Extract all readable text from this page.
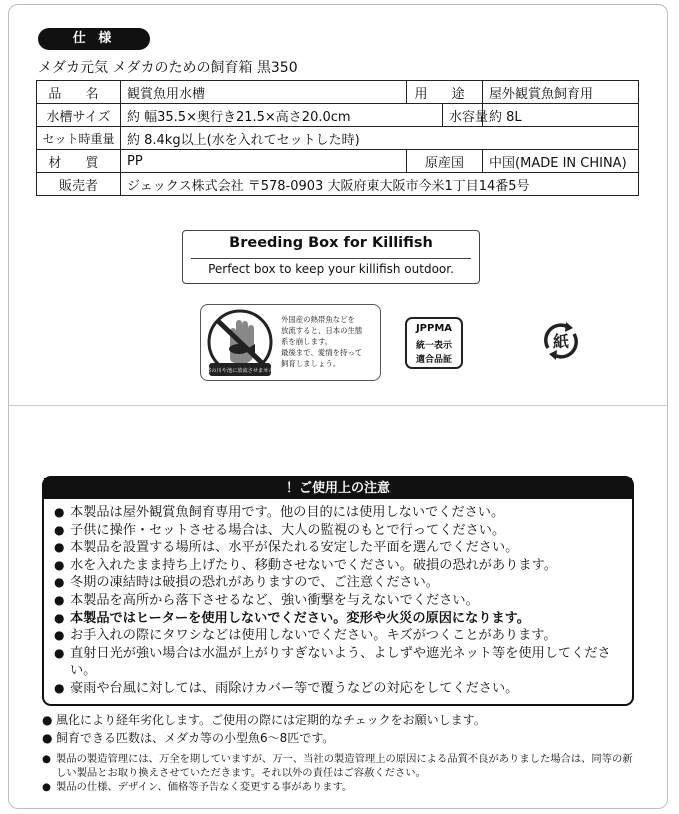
仕 様
メダカ元気 メダカのための飼育箱 黒350
品 名	観賞魚用水槽	用 途		屋外観賞魚飼育用
水槽サイズ	約 幅35.5×奥行き21.5×高さ20.0cm		水容量	約 8L
セット時重量	約 8.4kg以上(水を入れてセットした時)			
材 質	PP	原産国		中国(MADE IN CHINA)
販売者	ジェックス株式会社 〒578-0903 大阪府東大阪市今米1丁目14番5号			
Breeding Box for Killifish
Perfect box to keep your killifish outdoor.
自然の川や池に放流させません。
外国産の熱帯魚などを
放流すると、日本の生態
系を崩します。
最後まで、愛情を持って
飼育しましょう。
JPPMA
統一表示
適合品証
紙
！ご使用上の注意
● 本製品は屋外観賞魚飼育専用です。他の目的には使用しないでください。
● 子供に操作・セットさせる場合は、大人の監視のもとで行ってください。
● 本製品を設置する場所は、水平が保たれる安定した平面を選んでください。
● 水を入れたまま持ち上げたり、移動させないでください。破損の恐れがあります。
● 冬期の凍結時は破損の恐れがありますので、ご注意ください。
● 本製品を高所から落下させるなど、強い衝撃を与えないでください。
● 本製品ではヒーターを使用しないでください。変形や火災の原因になります。
● お手入れの際にタワシなどは使用しないでください。キズがつくことがあります。
● 直射日光が強い場合は水温が上がりすぎないよう、よしずや遮光ネット等を使用してください。
● 豪雨や台風に対しては、雨除けカバー等で覆うなどの対応をしてください。
● 風化により経年劣化します。ご使用の際には定期的なチェックをお願いします。
● 飼育できる匹数は、メダカ等の小型魚6～8匹です。
● 製品の製造管理には、万全を期していますが、万一、当社の製造管理上の原因による品質不良がありました場合は、同等の新しい製品とお取り換えさせていただきます。それ以外の責任はご容赦ください。
● 製品の仕様、デザイン、価格等予告なく変更する事があります。
